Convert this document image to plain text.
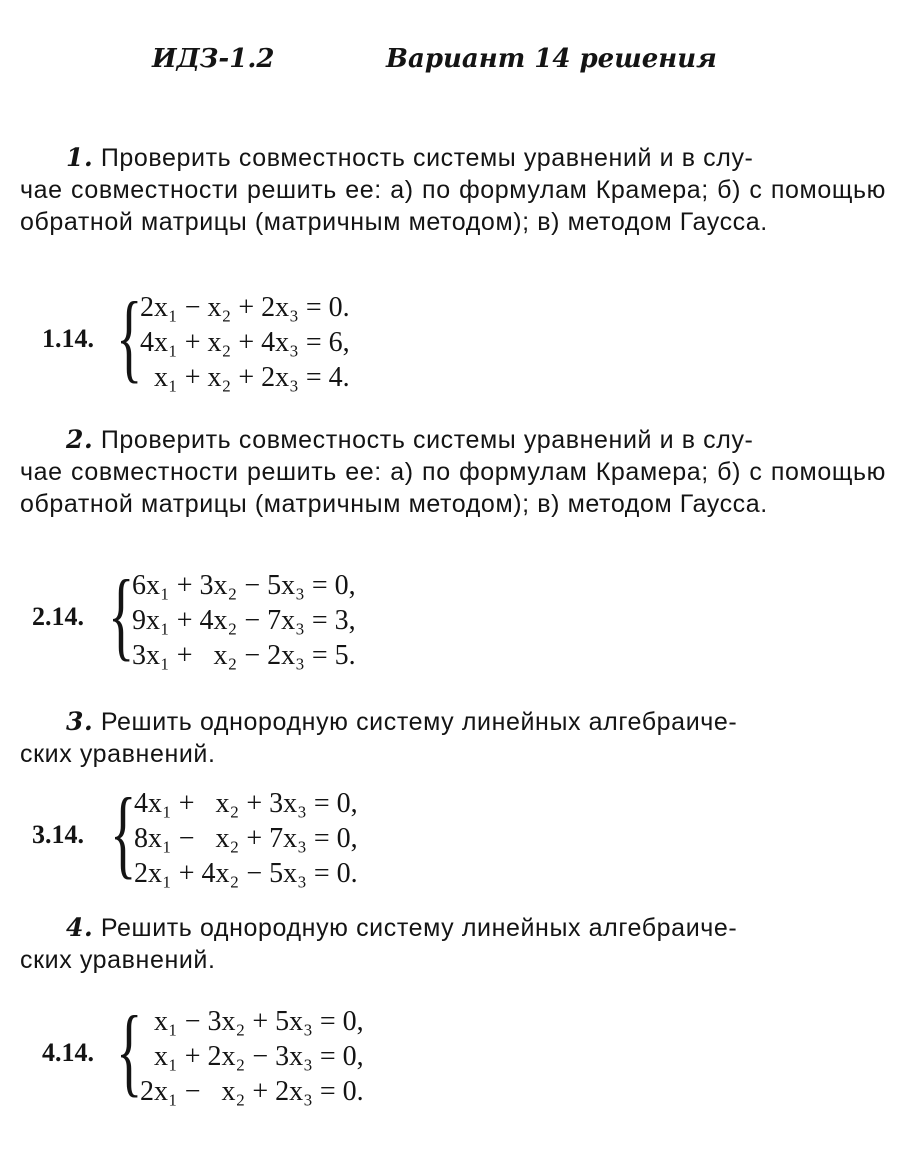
ИДЗ-1.2	Вариант 14 решения

1. Проверить совместность системы уравнений и в слу-

чае совместности решить ее: а) по формулам Крамера; б) с помощью обратной матрицы (матричным методом); в) методом Гаусса.

1.14. {
2x₁ − x₂ + 2x₃ = 0.
4x₁ + x₂ + 4x₃ = 6,
x₁ + x₂ + 2x₃ = 4.

2. Проверить совместность системы уравнений и в слу-

чае совместности решить ее: а) по формулам Крамера; б) с помощью обратной матрицы (матричным методом); в) методом Гаусса.

2.14. {
6x₁ + 3x₂ − 5x₃ = 0,
9x₁ + 4x₂ − 7x₃ = 3,
3x₁ +   x₂ − 2x₃ = 5.

3. Решить однородную систему линейных алгебраиче-

ских уравнений.

3.14. {
4x₁ +   x₂ + 3x₃ = 0,
8x₁ −   x₂ + 7x₃ = 0,
2x₁ + 4x₂ − 5x₃ = 0.

4. Решить однородную систему линейных алгебраиче-

ских уравнений.

4.14. {
x₁ − 3x₂ + 5x₃ = 0,
x₁ + 2x₂ − 3x₃ = 0,
2x₁ −   x₂ + 2x₃ = 0.
